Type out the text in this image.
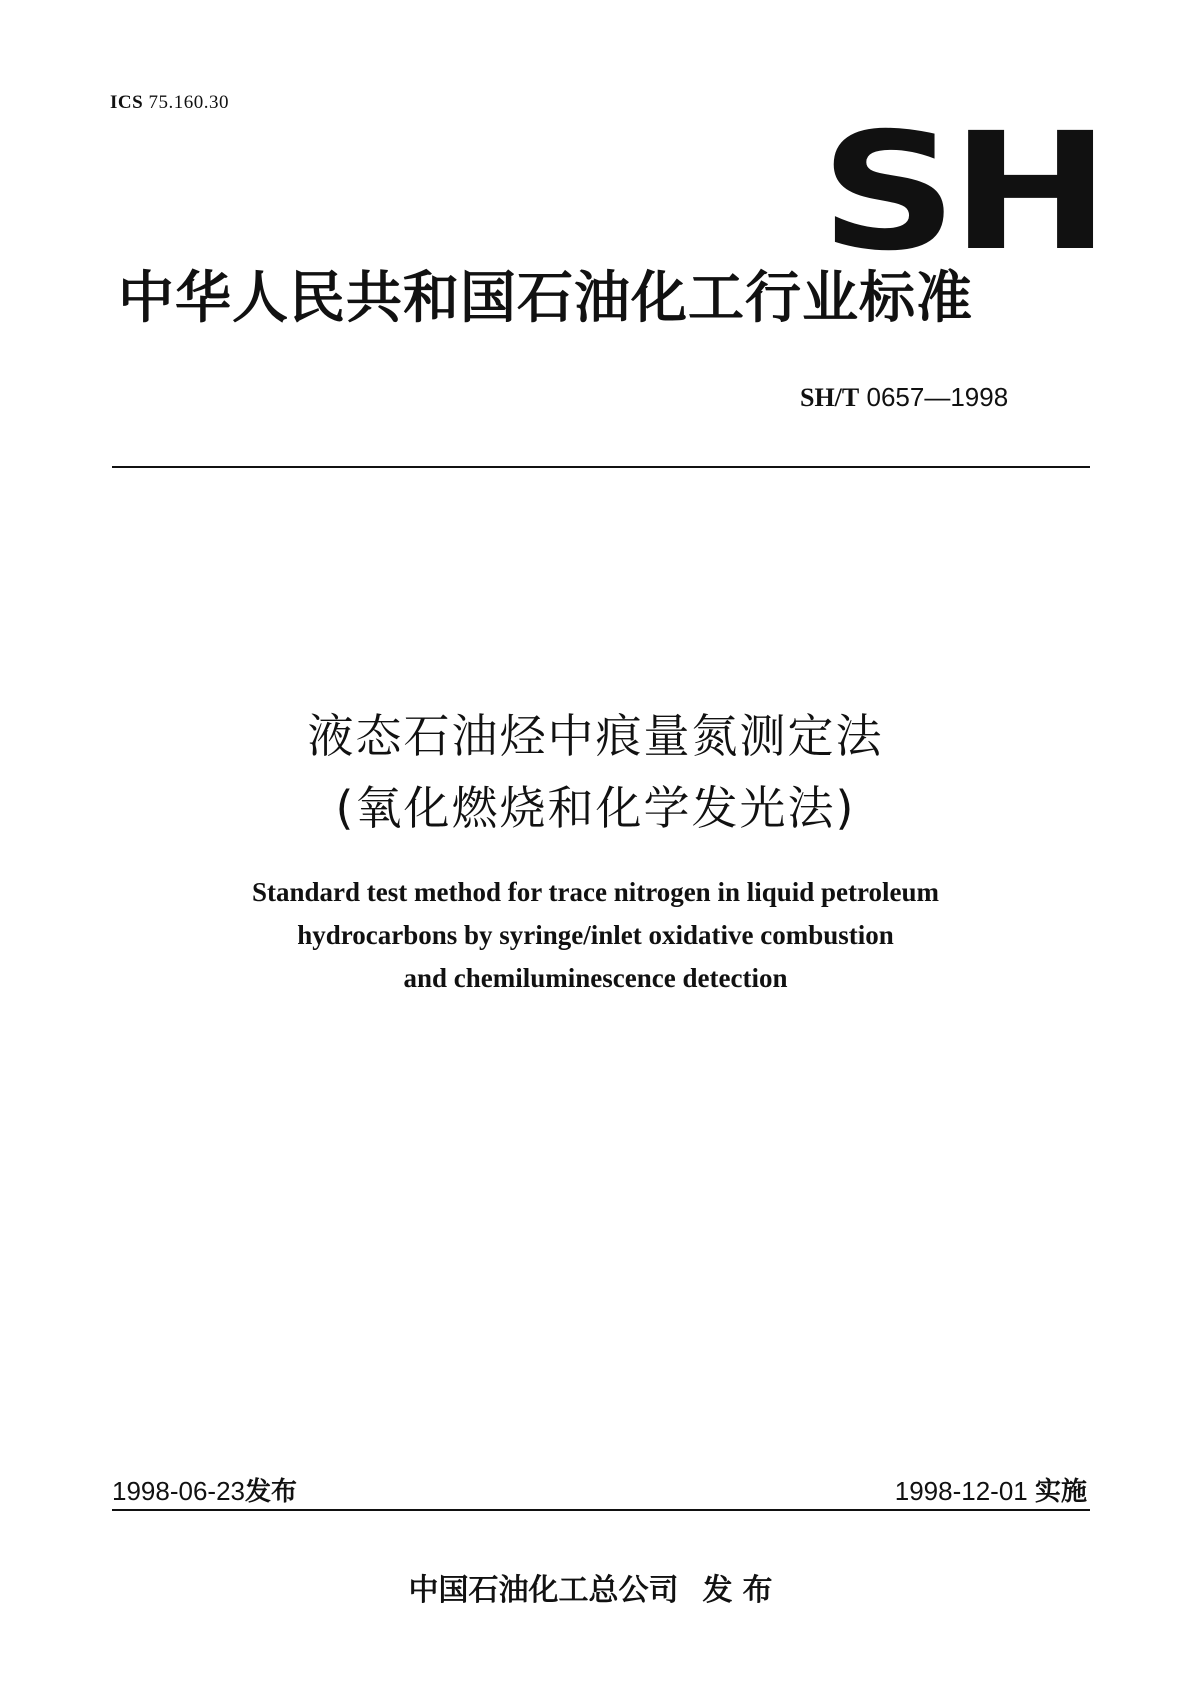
ICS 75.160.30	SH
中华人民共和国石油化工行业标准
SH/T 0657—1998
液态石油烃中痕量氮测定法
(氧化燃烧和化学发光法)
Standard test method for trace nitrogen in liquid petroleum
hydrocarbons by syringe/inlet oxidative combustion
and chemiluminescence detection
1998-06-23发布	1998-12-01 实施
中国石油化工总公司 发布
